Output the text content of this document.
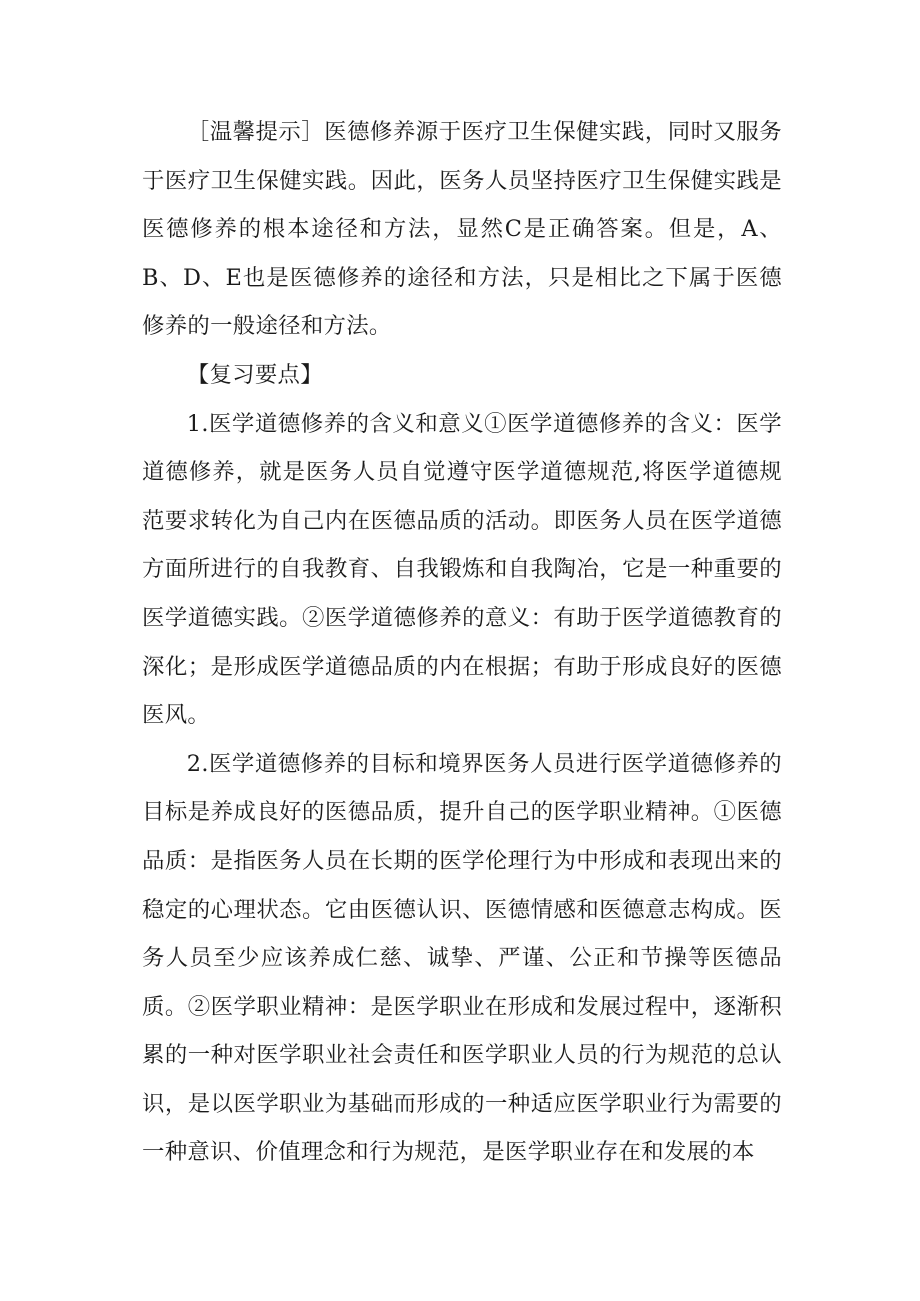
［温馨提示］医德修养源于医疗卫生保健实践，同时又服务于医疗卫生保健实践。因此，医务人员坚持医疗卫生保健实践是医德修养的根本途径和方法，显然C是正确答案。但是，A、B、D、E也是医德修养的途径和方法，只是相比之下属于医德修养的一般途径和方法。

【复习要点】

1.医学道德修养的含义和意义①医学道德修养的含义：医学道德修养，就是医务人员自觉遵守医学道德规范,将医学道德规范要求转化为自己内在医德品质的活动。即医务人员在医学道德方面所进行的自我教育、自我锻炼和自我陶冶，它是一种重要的医学道德实践。②医学道德修养的意义：有助于医学道德教育的深化；是形成医学道德品质的内在根据；有助于形成良好的医德医风。

2.医学道德修养的目标和境界医务人员进行医学道德修养的目标是养成良好的医德品质，提升自己的医学职业精神。①医德品质：是指医务人员在长期的医学伦理行为中形成和表现出来的稳定的心理状态。它由医德认识、医德情感和医德意志构成。医务人员至少应该养成仁慈、诚挚、严谨、公正和节操等医德品质。②医学职业精神：是医学职业在形成和发展过程中，逐渐积累的一种对医学职业社会责任和医学职业人员的行为规范的总认识，是以医学职业为基础而形成的一种适应医学职业行为需要的一种意识、价值理念和行为规范，是医学职业存在和发展的本
